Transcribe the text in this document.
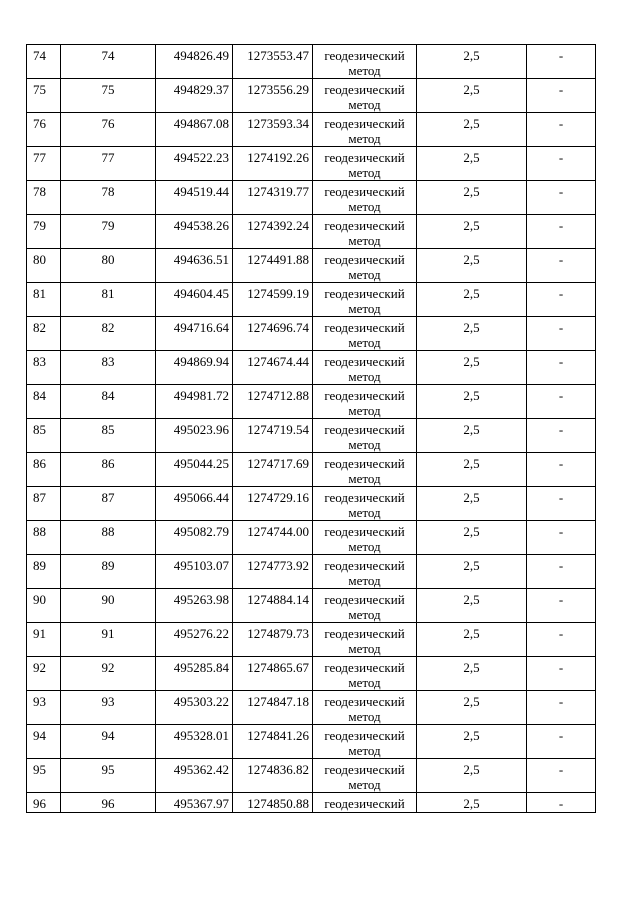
74	74	494826.49	1273553.47	геодезический метод	2,5	-
75	75	494829.37	1273556.29	геодезический метод	2,5	-
76	76	494867.08	1273593.34	геодезический метод	2,5	-
77	77	494522.23	1274192.26	геодезический метод	2,5	-
78	78	494519.44	1274319.77	геодезический метод	2,5	-
79	79	494538.26	1274392.24	геодезический метод	2,5	-
80	80	494636.51	1274491.88	геодезический метод	2,5	-
81	81	494604.45	1274599.19	геодезический метод	2,5	-
82	82	494716.64	1274696.74	геодезический метод	2,5	-
83	83	494869.94	1274674.44	геодезический метод	2,5	-
84	84	494981.72	1274712.88	геодезический метод	2,5	-
85	85	495023.96	1274719.54	геодезический метод	2,5	-
86	86	495044.25	1274717.69	геодезический метод	2,5	-
87	87	495066.44	1274729.16	геодезический метод	2,5	-
88	88	495082.79	1274744.00	геодезический метод	2,5	-
89	89	495103.07	1274773.92	геодезический метод	2,5	-
90	90	495263.98	1274884.14	геодезический метод	2,5	-
91	91	495276.22	1274879.73	геодезический метод	2,5	-
92	92	495285.84	1274865.67	геодезический метод	2,5	-
93	93	495303.22	1274847.18	геодезический метод	2,5	-
94	94	495328.01	1274841.26	геодезический метод	2,5	-
95	95	495362.42	1274836.82	геодезический метод	2,5	-
96	96	495367.97	1274850.88	геодезический	2,5	-
